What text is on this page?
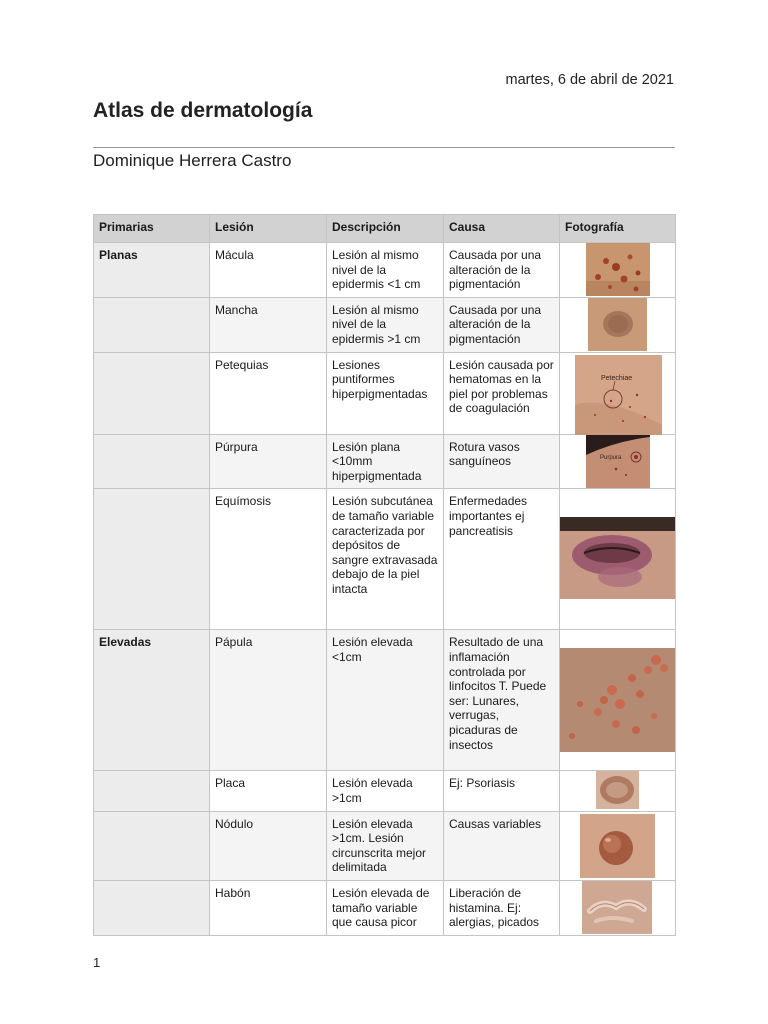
martes, 6 de abril de 2021
Atlas de dermatología
Dominique Herrera Castro
Primarias	Lesión	Descripción	Causa	Fotografía
Planas	Mácula	Lesión al mismo nivel de la epidermis <1 cm	Causada por una alteración de la pigmentación	

	Mancha	Lesión al mismo nivel de la epidermis >1 cm	Causada por una alteración de la pigmentación	

	Petequias	Lesiones puntiformes hiperpigmentadas	Lesión causada por hematomas en la piel por problemas de coagulación	Petechiae

	Púrpura	Lesión plana <10mm hiperpigmentada	Rotura vasos sanguíneos	Purpura

	Equímosis	Lesión subcutánea de tamaño variable caracterizada por depósitos de sangre extravasada debajo de la piel intacta	Enfermedades importantes ej pancreatisis	

Elevadas	Pápula	Lesión elevada <1cm	Resultado de una inflamación controlada por linfocitos T. Puede ser: Lunares, verrugas, picaduras de insectos	

	Placa	Lesión elevada >1cm	Ej: Psoriasis	

	Nódulo	Lesión elevada >1cm. Lesión circunscrita mejor delimitada	Causas variables	

	Habón	Lesión elevada de tamaño variable que causa picor	Liberación de histamina. Ej: alergias, picados	
1
